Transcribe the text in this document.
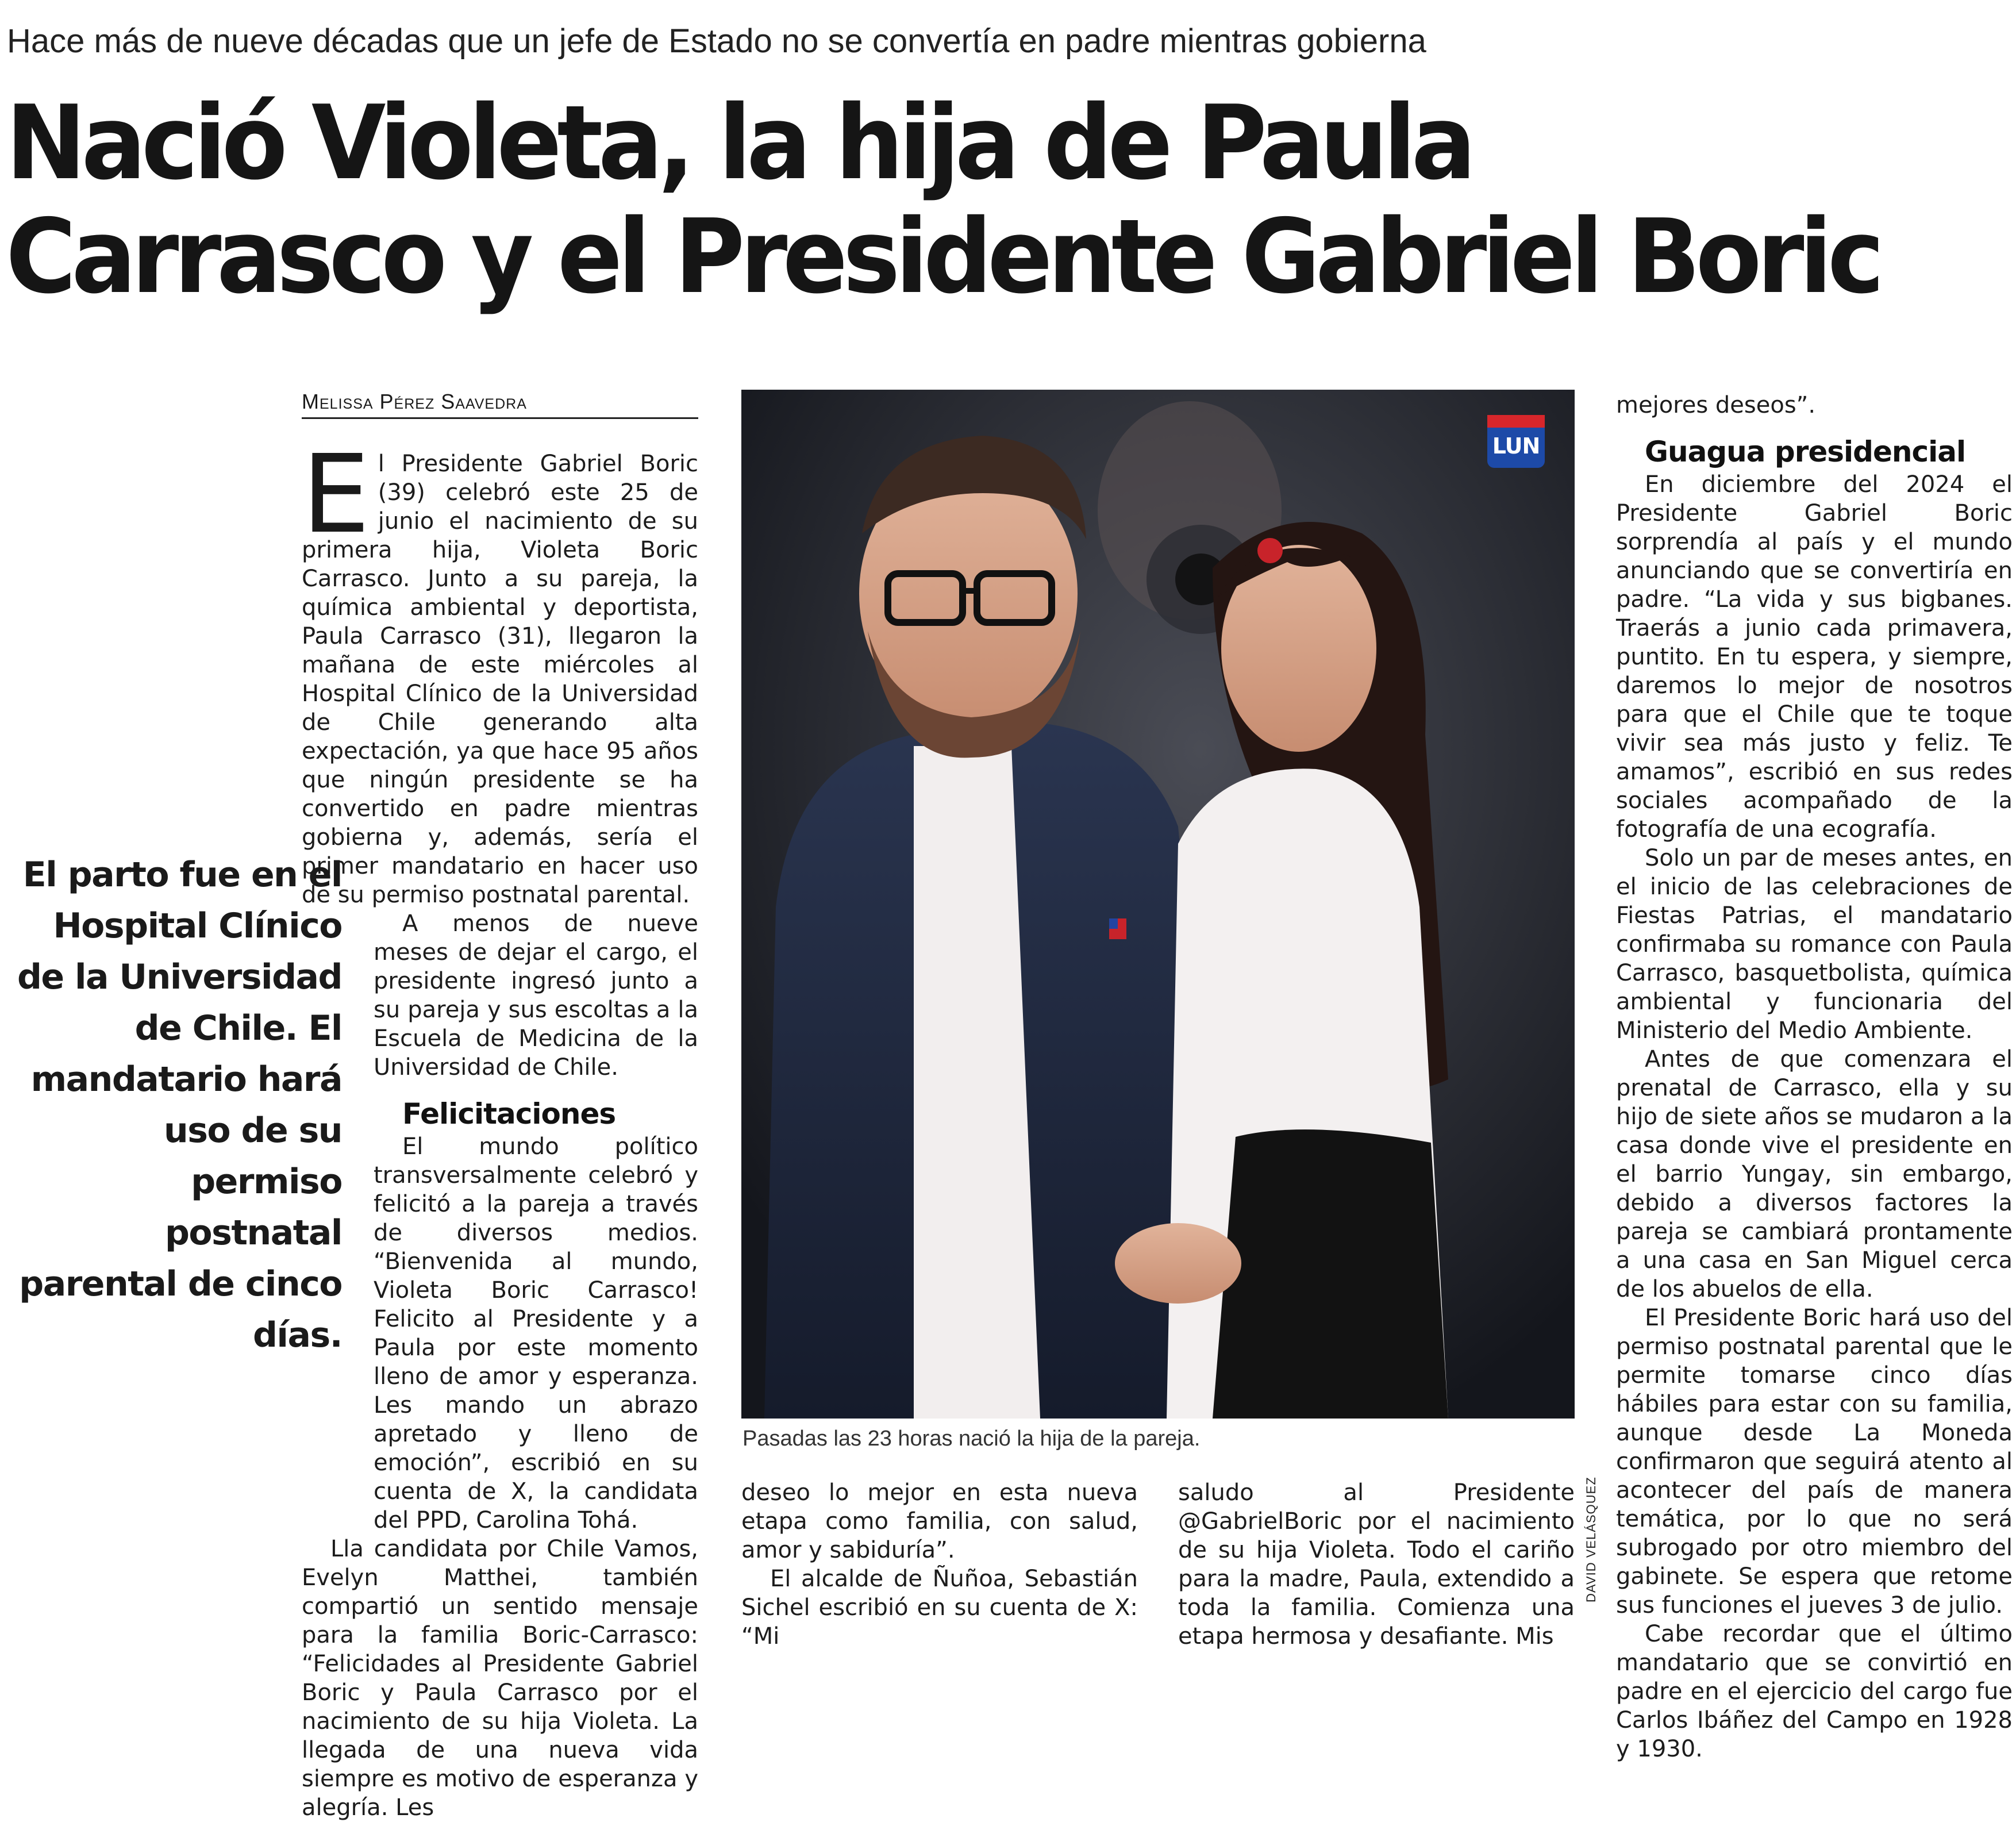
Hace más de nueve décadas que un jefe de Estado no se convertía en padre mientras gobierna
Nació Violeta, la hija de Paula
Carrasco y el Presidente Gabriel Boric
Melissa Pérez Saavedra

El Presidente Gabriel Boric (39) celebró este 25 de junio el nacimiento de su primera hija, Violeta Boric Carrasco. Junto a su pareja, la química ambiental y deportista, Paula Carrasco (31), llegaron la mañana de este miércoles al Hospital Clínico de la Universidad de Chile generando alta expectación, ya que hace 95 años que ningún presidente se ha convertido en padre mientras gobierna y, además, sería el primer mandatario en hacer uso de su permiso postnatal parental.

A menos de nueve meses de dejar el cargo, el presidente ingresó junto a su pareja y sus escoltas a la Escuela de Medicina de la Universidad de Chile.

Felicitaciones

El mundo político transversalmente celebró y felicitó a la pareja a través de diversos medios. “Bienvenida al mundo, Violeta Boric Carrasco! Felicito al Presidente y a Paula por este momento lleno de amor y esperanza. Les mando un abrazo apretado y lleno de emoción”, escribió en su cuenta de X, la candidata del PPD, Carolina Tohá.

Lla candidata por Chile Vamos, Evelyn Matthei, también compartió un sentido mensaje para la familia Boric-Carrasco: “Felicidades al Presidente Gabriel Boric y Paula Carrasco por el nacimiento de su hija Violeta. La llegada de una nueva vida siempre es motivo de esperanza y alegría. Les

El parto fue en el Hospital Clínico de la Universidad de Chile. El mandatario hará uso de su permiso postnatal parental de cinco días.
LUN
Pasadas las 23 horas nació la hija de la pareja.
DAVID VELÁSQUEZ

deseo lo mejor en esta nueva etapa como familia, con salud, amor y sabiduría”.

El alcalde de Ñuñoa, Sebastián Sichel escribió en su cuenta de X: “Mi

saludo al Presidente @GabrielBoric por el nacimiento de su hija Violeta. Todo el cariño para la madre, Paula, extendido a toda la familia. Comienza una etapa hermosa y desafiante. Mis

mejores deseos”.

Guagua presidencial

En diciembre del 2024 el Presidente Gabriel Boric sorprendía al país y el mundo anunciando que se convertiría en padre. “La vida y sus bigbanes. Traerás a junio cada primavera, puntito. En tu espera, y siempre, daremos lo mejor de nosotros para que el Chile que te toque vivir sea más justo y feliz. Te amamos”, escribió en sus redes sociales acompañado de la fotografía de una ecografía.

Solo un par de meses antes, en el inicio de las celebraciones de Fiestas Patrias, el mandatario confirmaba su romance con Paula Carrasco, basquetbolista, química ambiental y funcionaria del Ministerio del Medio Ambiente.

Antes de que comenzara el prenatal de Carrasco, ella y su hijo de siete años se mudaron a la casa donde vive el presidente en el barrio Yungay, sin embargo, debido a diversos factores la pareja se cambiará prontamente a una casa en San Miguel cerca de los abuelos de ella.

El Presidente Boric hará uso del permiso postnatal parental que le permite tomarse cinco días hábiles para estar con su familia, aunque desde La Moneda confirmaron que seguirá atento al acontecer del país de manera temática, por lo que no será subrogado por otro miembro del gabinete. Se espera que retome sus funciones el jueves 3 de julio.

Cabe recordar que el último mandatario que se convirtió en padre en el ejercicio del cargo fue Carlos Ibáñez del Campo en 1928 y 1930.
